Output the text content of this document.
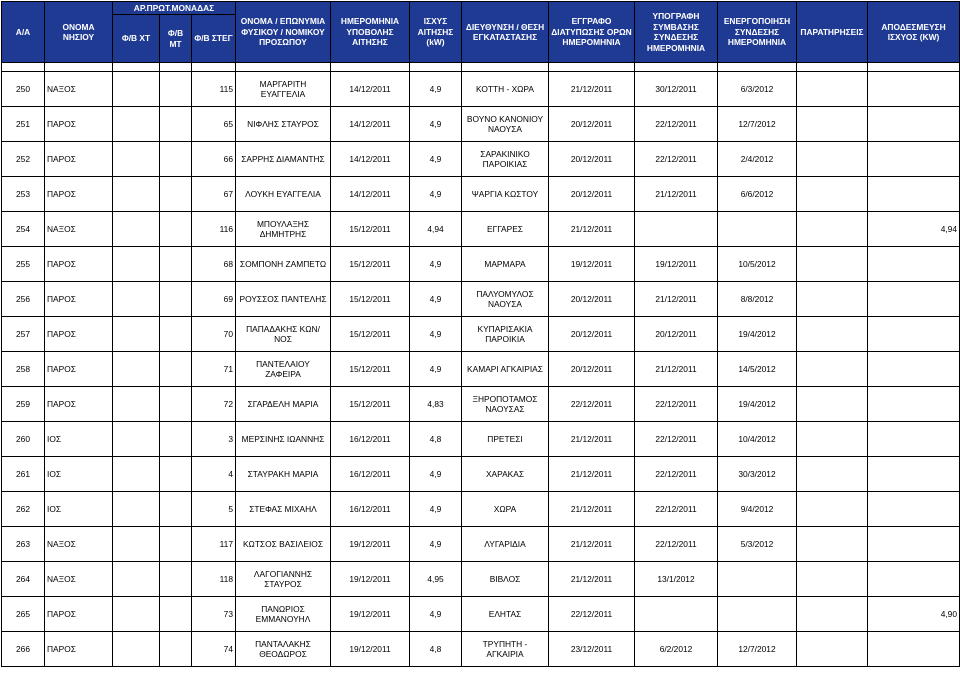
Α/Α	ΟΝΟΜΑ ΝΗΣΙΟΥ	ΑΡ.ΠΡΩΤ.ΜΟΝΑΔΑΣ			ΟΝΟΜΑ / ΕΠΩΝΥΜΙΑ ΦΥΣΙΚΟΥ / ΝΟΜΙΚΟΥ ΠΡΟΣΩΠΟΥ	ΗΜΕΡΟΜΗΝΙΑ ΥΠΟΒΟΛΗΣ ΑΙΤΗΣΗΣ	ΙΣΧΥΣ ΑΙΤΗΣΗΣ (kW)	ΔΙΕΥΘΥΝΣΗ / ΘΕΣΗ ΕΓΚΑΤΑΣΤΑΣΗΣ	ΕΓΓΡΑΦΟ ΔΙΑΤΥΠΩΣΗΣ ΟΡΩΝ ΗΜΕΡΟΜΗΝΙΑ	ΥΠΟΓΡΑΦΗ ΣΥΜΒΑΣΗΣ ΣΥΝΔΕΣΗΣ ΗΜΕΡΟΜΗΝΙΑ	ΕΝΕΡΓΟΠΟΙΗΣΗ ΣΥΝΔΕΣΗΣ ΗΜΕΡΟΜΗΝΙΑ	ΠΑΡΑΤΗΡΗΣΕΙΣ	ΑΠΟΔΕΣΜΕΥΣΗ ΙΣΧΥΟΣ (KW)
		Φ/Β ΧΤ	Φ/Β ΜΤ	Φ/Β ΣΤΕΓ									

250	ΝΑΞΟΣ			115	ΜΑΡΓΑΡΙΤΗ ΕΥΑΓΓΕΛΙΑ	14/12/2011	4,9	ΚΟΤΤΗ - ΧΩΡΑ	21/12/2011	30/12/2011	6/3/2012		
251	ΠΑΡΟΣ			65	ΝΙΦΛΗΣ ΣΤΑΥΡΟΣ	14/12/2011	4,9	ΒΟΥΝΟ ΚΑΝΟΝΙΟΥ ΝΑΟΥΣΑ	20/12/2011	22/12/2011	12/7/2012		
252	ΠΑΡΟΣ			66	ΣΑΡΡΗΣ ΔΙΑΜΑΝΤΗΣ	14/12/2011	4,9	ΣΑΡΑΚΙΝΙΚΟ ΠΑΡΟΙΚΙΑΣ	20/12/2011	22/12/2011	2/4/2012		
253	ΠΑΡΟΣ			67	ΛΟΥΚΗ ΕΥΑΓΓΕΛΙΑ	14/12/2011	4,9	ΨΑΡΓΙΑ ΚΩΣΤΟΥ	20/12/2011	21/12/2011	6/6/2012		
254	ΝΑΞΟΣ			116	ΜΠΟΥΛΑΞΗΣ ΔΗΜΗΤΡΗΣ	15/12/2011	4,94	ΕΓΓΑΡΕΣ	21/12/2011				4,94
255	ΠΑΡΟΣ			68	ΣΟΜΠΟΝΗ ΖΑΜΠΕΤΩ	15/12/2011	4,9	ΜΑΡΜΑΡΑ	19/12/2011	19/12/2011	10/5/2012		
256	ΠΑΡΟΣ			69	ΡΟΥΣΣΟΣ ΠΑΝΤΕΛΗΣ	15/12/2011	4,9	ΠΑΛΥΟΜΥΛΟΣ ΝΑΟΥΣΑ	20/12/2011	21/12/2011	8/8/2012		
257	ΠΑΡΟΣ			70	ΠΑΠΑΔΑΚΗΣ ΚΩΝ/ΝΟΣ	15/12/2011	4,9	ΚΥΠΑΡΙΣΑΚΙΑ ΠΑΡΟΙΚΙΑ	20/12/2011	20/12/2011	19/4/2012		
258	ΠΑΡΟΣ			71	ΠΑΝΤΕΛΑΙΟΥ ΖΑΦΕΙΡΑ	15/12/2011	4,9	ΚΑΜΑΡΙ ΑΓΚΑΙΡΙΑΣ	20/12/2011	21/12/2011	14/5/2012		
259	ΠΑΡΟΣ			72	ΣΓΑΡΔΕΛΗ ΜΑΡΙΑ	15/12/2011	4,83	ΞΗΡΟΠΟΤΑΜΟΣ ΝΑΟΥΣΑΣ	22/12/2011	22/12/2011	19/4/2012		
260	ΙΟΣ			3	ΜΕΡΣΙΝΗΣ ΙΩΑΝΝΗΣ	16/12/2011	4,8	ΠΡΕΤΕΣΙ	21/12/2011	22/12/2011	10/4/2012		
261	ΙΟΣ			4	ΣΤΑΥΡΑΚΗ ΜΑΡΙΑ	16/12/2011	4,9	ΧΑΡΑΚΑΣ	21/12/2011	22/12/2011	30/3/2012		
262	ΙΟΣ			5	ΣΤΕΦΑΣ ΜΙΧΑΗΛ	16/12/2011	4,9	ΧΩΡΑ	21/12/2011	22/12/2011	9/4/2012		
263	ΝΑΞΟΣ			117	ΚΩΤΣΟΣ ΒΑΣΙΛΕΙΟΣ	19/12/2011	4,9	ΛΥΓΑΡΙΔΙΑ	21/12/2011	22/12/2011	5/3/2012		
264	ΝΑΞΟΣ			118	ΛΑΓΟΓΙΑΝΝΗΣ ΣΤΑΥΡΟΣ	19/12/2011	4,95	ΒΙΒΛΟΣ	21/12/2011	13/1/2012			
265	ΠΑΡΟΣ			73	ΠΑΝΩΡΙΟΣ ΕΜΜΑΝΟΥΗΛ	19/12/2011	4,9	ΕΛΗΤΑΣ	22/12/2011				4,90
266	ΠΑΡΟΣ			74	ΠΑΝΤΑΛΑΚΗΣ ΘΕΟΔΩΡΟΣ	19/12/2011	4,8	ΤΡΥΠΗΤΗ - ΑΓΚΑΙΡΙΑ	23/12/2011	6/2/2012	12/7/2012		
